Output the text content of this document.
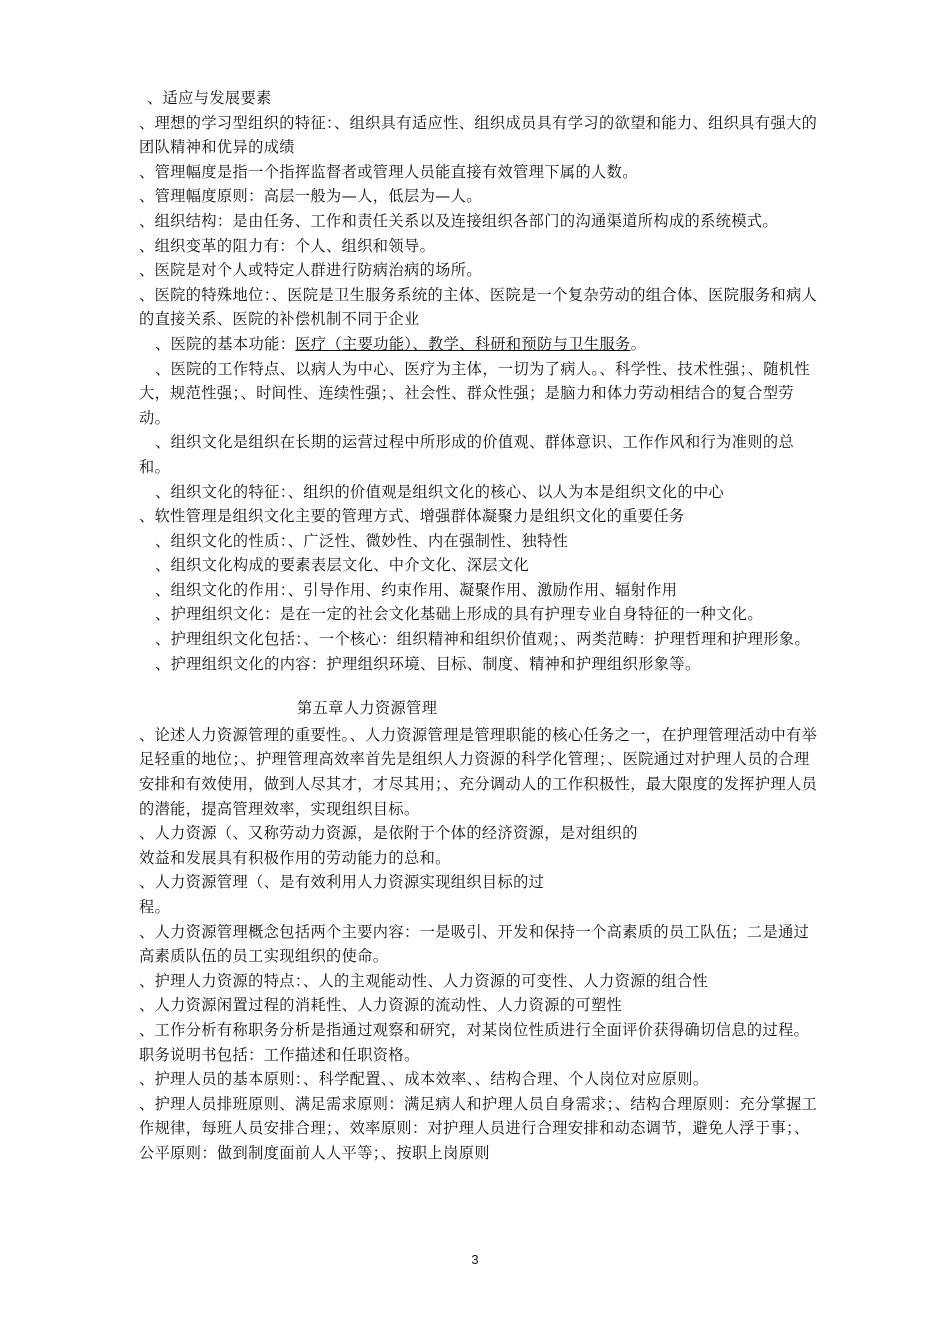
、适应与发展要素

、理想的学习型组织的特征：、组织具有适应性、组织成员具有学习的欲望和能力、组织具有强大的团队精神和优异的成绩

、管理幅度是指一个指挥监督者或管理人员能直接有效管理下属的人数。

、管理幅度原则：高层一般为—人，低层为—人。

、组织结构：是由任务、工作和责任关系以及连接组织各部门的沟通渠道所构成的系统模式。

、组织变革的阻力有：个人、组织和领导。

、医院是对个人或特定人群进行防病治病的场所。

、医院的特殊地位：、医院是卫生服务系统的主体、医院是一个复杂劳动的组合体、医院服务和病人的直接关系、医院的补偿机制不同于企业

、医院的基本功能：医疗（主要功能）、教学、科研和预防与卫生服务。

、医院的工作特点、以病人为中心、医疗为主体，一切为了病人。、科学性、技术性强；、随机性大，规范性强；、时间性、连续性强；、社会性、群众性强；是脑力和体力劳动相结合的复合型劳动。

、组织文化是组织在长期的运营过程中所形成的价值观、群体意识、工作作风和行为准则的总和。

、组织文化的特征：、组织的价值观是组织文化的核心、以人为本是组织文化的中心

、软性管理是组织文化主要的管理方式、增强群体凝聚力是组织文化的重要任务

、组织文化的性质：、广泛性、微妙性、内在强制性、独特性

、组织文化构成的要素表层文化、中介文化、深层文化

、组织文化的作用：、引导作用、约束作用、凝聚作用、激励作用、辐射作用

、护理组织文化：是在一定的社会文化基础上形成的具有护理专业自身特征的一种文化。

、护理组织文化包括：、一个核心：组织精神和组织价值观；、两类范畴：护理哲理和护理形象。

、护理组织文化的内容：护理组织环境、目标、制度、精神和护理组织形象等。

第五章人力资源管理

、论述人力资源管理的重要性。、人力资源管理是管理职能的核心任务之一，在护理管理活动中有举足轻重的地位；、护理管理高效率首先是组织人力资源的科学化管理；、医院通过对护理人员的合理安排和有效使用，做到人尽其才，才尽其用；、充分调动人的工作积极性，最大限度的发挥护理人员的潜能，提高管理效率，实现组织目标。

、人力资源（、又称劳动力资源，是依附于个体的经济资源，是对组织的

效益和发展具有积极作用的劳动能力的总和。

、人力资源管理（、是有效利用人力资源实现组织目标的过

程。

、人力资源管理概念包括两个主要内容：一是吸引、开发和保持一个高素质的员工队伍；二是通过高素质队伍的员工实现组织的使命。

、护理人力资源的特点：、人的主观能动性、人力资源的可变性、人力资源的组合性

、人力资源闲置过程的消耗性、人力资源的流动性、人力资源的可塑性

、工作分析有称职务分析是指通过观察和研究，对某岗位性质进行全面评价获得确切信息的过程。职务说明书包括：工作描述和任职资格。

、护理人员的基本原则：、科学配置、、成本效率、、结构合理、个人岗位对应原则。

、护理人员排班原则、满足需求原则：满足病人和护理人员自身需求；、结构合理原则：充分掌握工作规律，每班人员安排合理；、效率原则：对护理人员进行合理安排和动态调节，避免人浮于事；、公平原则：做到制度面前人人平等；、按职上岗原则

3
